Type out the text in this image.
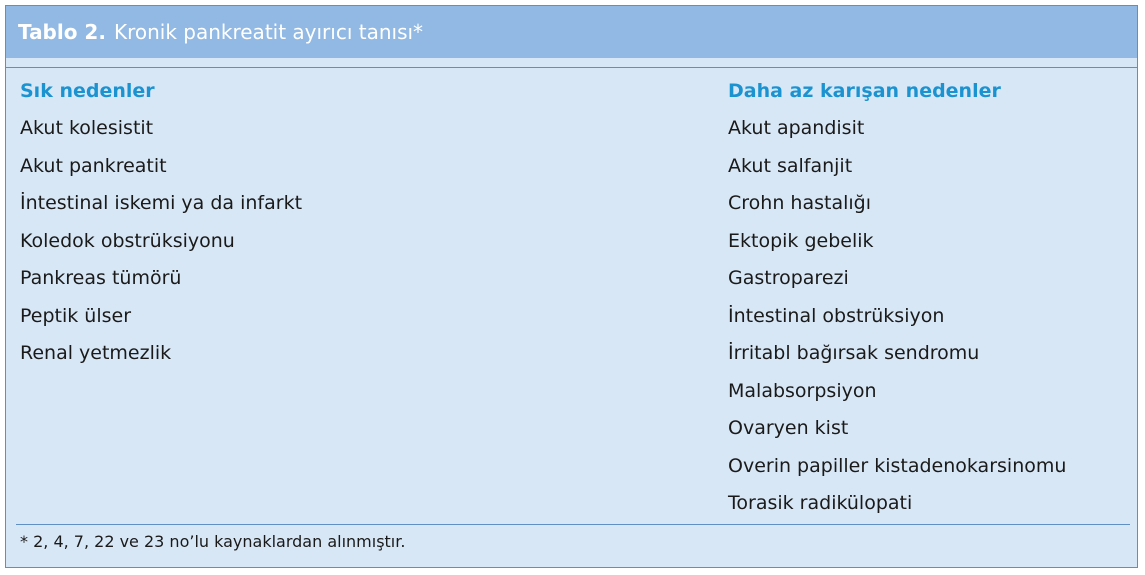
Tablo 2. Kronik pankreatit ayırıcı tanısı*
Sık nedenler
Akut kolesistit
Akut pankreatit
İntestinal iskemi ya da infarkt
Koledok obstrüksiyonu
Pankreas tümörü
Peptik ülser
Renal yetmezlik
Daha az karışan nedenler
Akut apandisit
Akut salfanjit
Crohn hastalığı
Ektopik gebelik
Gastroparezi
İntestinal obstrüksiyon
İrritabl bağırsak sendromu
Malabsorpsiyon
Ovaryen kist
Overin papiller kistadenokarsinomu
Torasik radikülopati
* 2, 4, 7, 22 ve 23 no’lu kaynaklardan alınmıştır.
